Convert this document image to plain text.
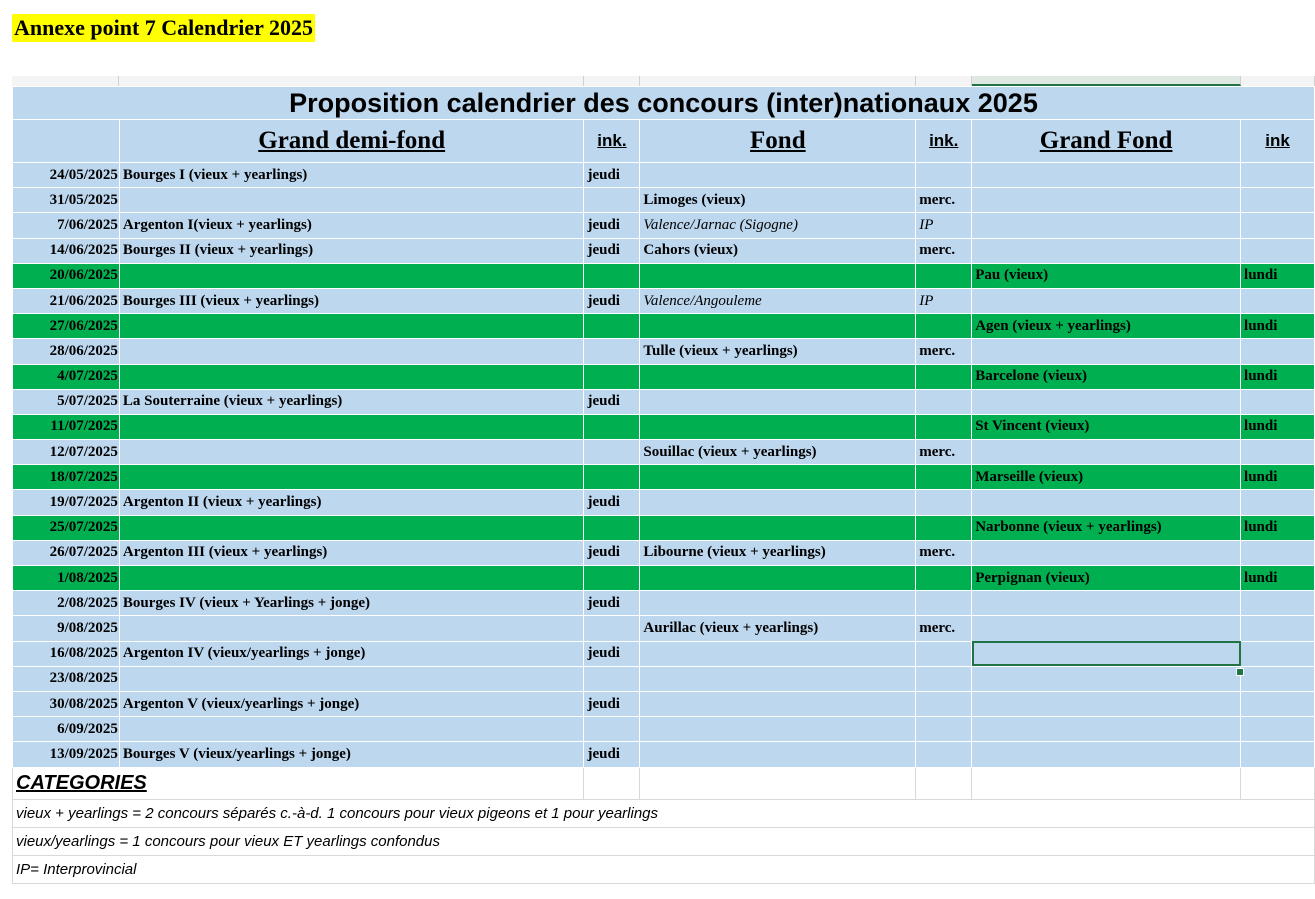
Annexe point 7 Calendrier 2025
Proposition calendrier des concours (inter)nationaux 2025						
	Grand demi-fond	ink.	Fond	ink.	Grand Fond	ink
24/05/2025	Bourges I (vieux + yearlings)	jeudi				
31/05/2025			Limoges (vieux)	merc.		
7/06/2025	Argenton I(vieux + yearlings)	jeudi	Valence/Jarnac (Sigogne)	IP		
14/06/2025	Bourges II (vieux + yearlings)	jeudi	Cahors (vieux)	merc.		
20/06/2025					Pau (vieux)	lundi
21/06/2025	Bourges III (vieux + yearlings)	jeudi	Valence/Angouleme	IP		
27/06/2025					Agen (vieux + yearlings)	lundi
28/06/2025			Tulle (vieux + yearlings)	merc.		
4/07/2025					Barcelone (vieux)	lundi
5/07/2025	La Souterraine (vieux + yearlings)	jeudi				
11/07/2025					St Vincent (vieux)	lundi
12/07/2025			Souillac (vieux + yearlings)	merc.		
18/07/2025					Marseille (vieux)	lundi
19/07/2025	Argenton II (vieux + yearlings)	jeudi				
25/07/2025					Narbonne (vieux + yearlings)	lundi
26/07/2025	Argenton III (vieux + yearlings)	jeudi	Libourne (vieux + yearlings)	merc.		
1/08/2025					Perpignan (vieux)	lundi
2/08/2025	Bourges IV (vieux + Yearlings + jonge)	jeudi				
9/08/2025			Aurillac (vieux + yearlings)	merc.		
16/08/2025	Argenton IV (vieux/yearlings + jonge)	jeudi				
23/08/2025						
30/08/2025	Argenton V (vieux/yearlings + jonge)	jeudi				
6/09/2025						
13/09/2025	Bourges V (vieux/yearlings + jonge)	jeudi				
CATEGORIES						
vieux + yearlings = 2 concours séparés c.-à-d. 1 concours pour vieux pigeons et 1 pour yearlings						
vieux/yearlings = 1 concours pour vieux ET yearlings confondus						
IP= Interprovincial						
